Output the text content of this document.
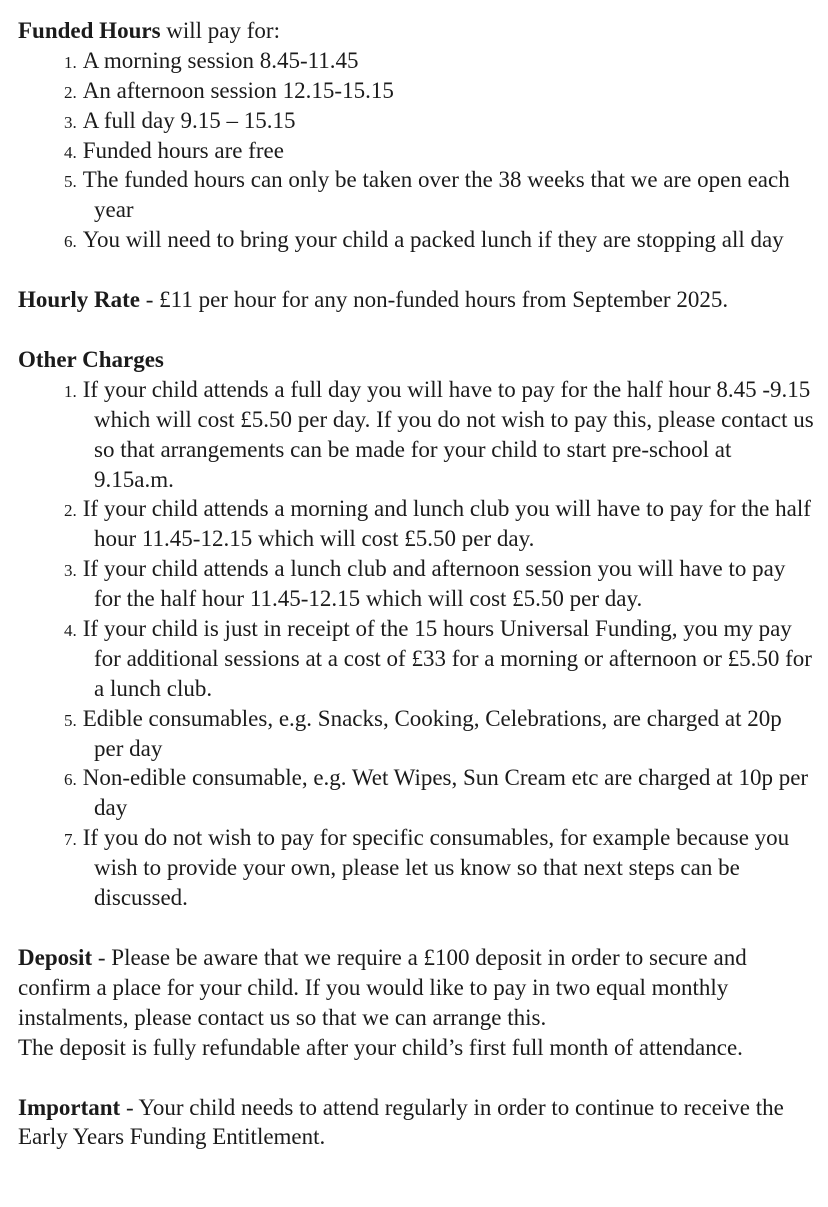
Funded Hours will pay for:

1. A morning session 8.45-11.45
2. An afternoon session 12.15-15.15
3. A full day 9.15 – 15.15
4. Funded hours are free
5. The funded hours can only be taken over the 38 weeks that we are open each year
6. You will need to bring your child a packed lunch if they are stopping all day

Hourly Rate - £11 per hour for any non-funded hours from September 2025.

Other Charges

1. If your child attends a full day you will have to pay for the half hour 8.45 -9.15 which will cost £5.50 per day. If you do not wish to pay this, please contact us so that arrangements can be made for your child to start pre-school at 9.15a.m.
2. If your child attends a morning and lunch club you will have to pay for the half hour 11.45-12.15 which will cost £5.50 per day.
3. If your child attends a lunch club and afternoon session you will have to pay for the half hour 11.45-12.15 which will cost £5.50 per day.
4. If your child is just in receipt of the 15 hours Universal Funding, you my pay for additional sessions at a cost of £33 for a morning or afternoon or £5.50 for a lunch club.
5. Edible consumables, e.g. Snacks, Cooking, Celebrations, are charged at 20p per day
6. Non-edible consumable, e.g. Wet Wipes, Sun Cream etc are charged at 10p per day
7. If you do not wish to pay for specific consumables, for example because you wish to provide your own, please let us know so that next steps can be discussed.

Deposit - Please be aware that we require a £100 deposit in order to secure and confirm a place for your child. If you would like to pay in two equal monthly instalments, please contact us so that we can arrange this.

The deposit is fully refundable after your child’s first full month of attendance.

Important - Your child needs to attend regularly in order to continue to receive the Early Years Funding Entitlement.
